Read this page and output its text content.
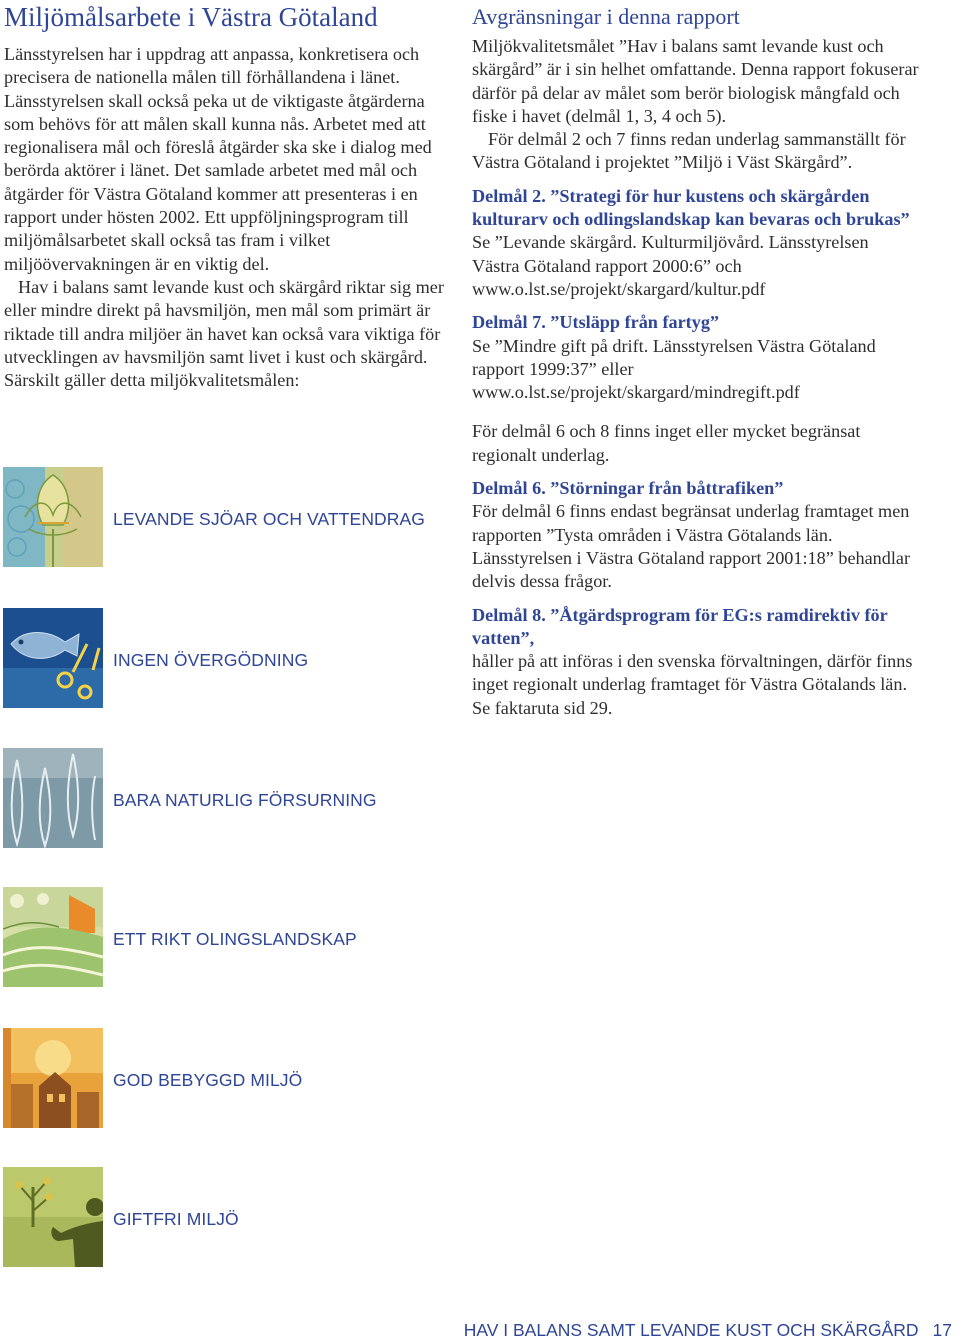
Miljömålsarbete i Västra Götaland

Länsstyrelsen har i uppdrag att anpassa, konkretisera och precisera de nationella målen till förhållandena i länet. Länsstyrelsen skall också peka ut de viktigaste åtgärderna som behövs för att målen skall kunna nås. Arbetet med att regionalisera mål och föreslå åtgärder ska ske i dialog med berörda aktörer i länet. Det samlade arbetet med mål och åtgärder för Västra Götaland kommer att presenteras i en rapport under hösten 2002. Ett uppföljningsprogram till miljömålsarbetet skall också tas fram i vilket miljöövervakningen är en viktig del.

Hav i balans samt levande kust och skärgård riktar sig mer eller mindre direkt på havsmiljön, men mål som primärt är riktade till andra miljöer än havet kan också vara viktiga för utvecklingen av havsmiljön samt livet i kust och skärgård. Särskilt gäller detta miljökvalitetsmålen:

LEVANDE SJÖAR OCH VATTENDRAG
INGEN ÖVERGÖDNING
BARA NATURLIG FÖRSURNING
ETT RIKT OLINGSLANDSKAP
GOD BEBYGGD MILJÖ
GIFTFRI MILJÖ
Avgränsningar i denna rapport

Miljökvalitetsmålet ”Hav i balans samt levande kust och skärgård” är i sin helhet omfattande. Denna rapport fokuserar därför på delar av målet som berör biologisk mångfald och fiske i havet (delmål 1, 3, 4 och 5).

För delmål 2 och 7 finns redan underlag sammanställt för Västra Götaland i projektet ”Miljö i Väst Skärgård”.

Delmål 2. ”Strategi för hur kustens och skärgården kulturarv och odlingslandskap kan bevaras och brukas”

Se ”Levande skärgård. Kulturmiljövård. Länsstyrelsen Västra Götaland rapport 2000:6” och www.o.lst.se/projekt/skargard/kultur.pdf

Delmål 7. ”Utsläpp från fartyg”

Se ”Mindre gift på drift. Länsstyrelsen Västra Götaland rapport 1999:37” eller www.o.lst.se/projekt/skargard/mindregift.pdf

För delmål 6 och 8 finns inget eller mycket begränsat regionalt underlag.

Delmål 6. ”Störningar från båttrafiken”

För delmål 6 finns endast begränsat underlag framtaget men rapporten ”Tysta områden i Västra Götalands län. Länsstyrelsen i Västra Götaland rapport 2001:18” behandlar delvis dessa frågor.

Delmål 8. ”Åtgärdsprogram för EG:s ramdirektiv för vatten”,

håller på att införas i den svenska förvaltningen, därför finns inget regionalt underlag framtaget för Västra Götalands län. Se faktaruta sid 29.

HAV I BALANS SAMT LEVANDE KUST OCH SKÄRGÅRD 17
